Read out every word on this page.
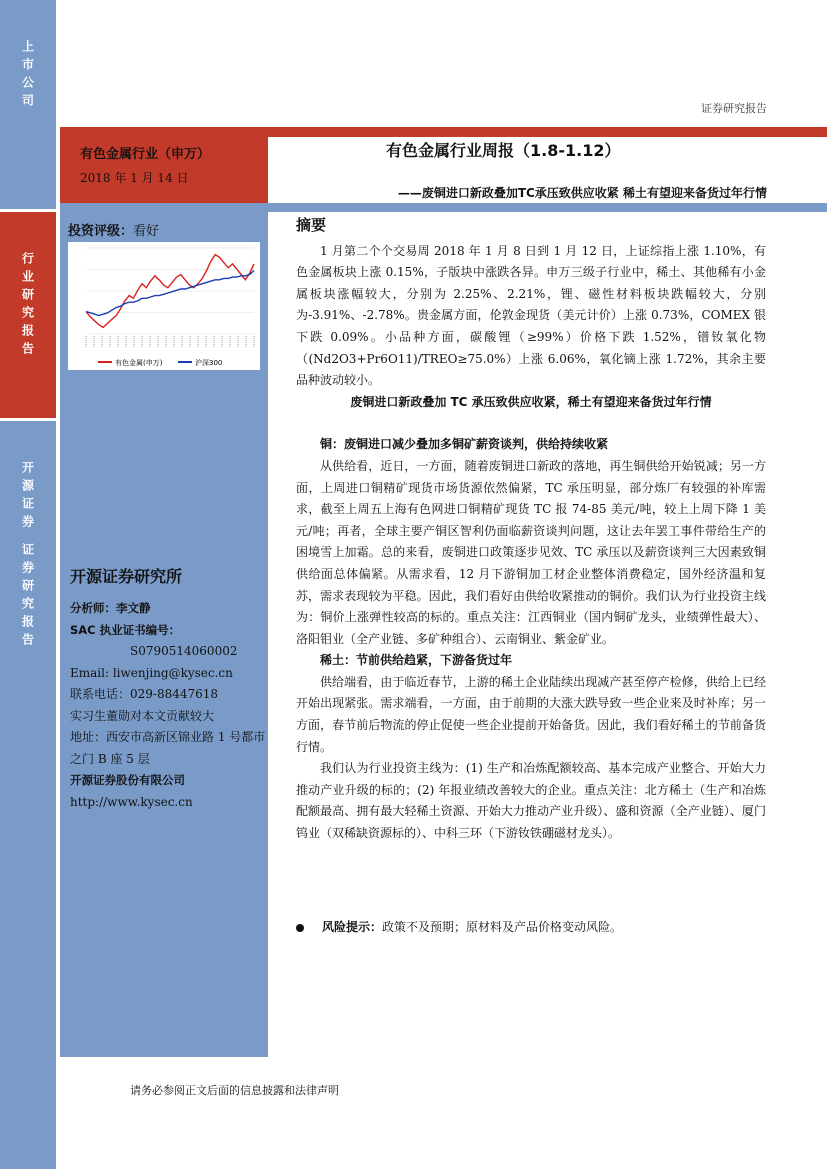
上市公司
行业研究报告
开源证券 证券研究报告
证券研究报告
有色金属行业（申万）
2018 年 1 月 14 日
有色金属行业周报（1.8-1.12）
——废铜进口新政叠加TC承压致供应收紧 稀土有望迎来备货过年行情
投资评级：看好
有色金属(申万)	沪深300
开源证券研究所
分析师：李文静
SAC 执业证书编号：
S0790514060002
Email: liwenjing@kysec.cn
联系电话：029-88447618
实习生董勋对本文贡献较大
地址：西安市高新区锦业路 1 号都市之门 B 座 5 层
开源证券股份有限公司
http://www.kysec.cn
摘要
1 月第二个个交易周 2018 年 1 月 8 日到 1 月 12 日，上证综指上涨 1.10%，有色金属板块上涨 0.15%，子版块中涨跌各异。申万三级子行业中，稀土、其他稀有小金属板块涨幅较大，分别为 2.25%、2.21%，锂、磁性材料板块跌幅较大，分别为-3.91%、-2.78%。贵金属方面，伦敦金现货（美元计价）上涨 0.73%，COMEX 银下跌 0.09%。小品种方面，碳酸锂（≥99%）价格下跌 1.52%，镨钕氧化物（(Nd2O3+Pr6O11)/TREO≥75.0%）上涨 6.06%，氧化镝上涨 1.72%，其余主要品种波动较小。
废铜进口新政叠加 TC 承压致供应收紧，稀土有望迎来备货过年行情
铜：废铜进口减少叠加多铜矿薪资谈判，供给持续收紧
从供给看，近日，一方面，随着废铜进口新政的落地，再生铜供给开始锐减；另一方面，上周进口铜精矿现货市场货源依然偏紧，TC 承压明显，部分炼厂有较强的补库需求，截至上周五上海有色网进口铜精矿现货 TC 报 74-85 美元/吨，较上上周下降 1 美元/吨；再者，全球主要产铜区智利仍面临薪资谈判问题，这让去年罢工事件带给生产的困境雪上加霜。总的来看，废铜进口政策逐步见效、TC 承压以及薪资谈判三大因素致铜供给面总体偏紧。从需求看，12 月下游铜加工材企业整体消费稳定，国外经济温和复苏，需求表现较为平稳。因此，我们看好由供给收紧推动的铜价。我们认为行业投资主线为：铜价上涨弹性较高的标的。重点关注：江西铜业（国内铜矿龙头，业绩弹性最大）、洛阳钼业（全产业链、多矿种组合）、云南铜业、紫金矿业。
稀土：节前供给趋紧，下游备货过年
供给端看，由于临近春节，上游的稀土企业陆续出现减产甚至停产检修，供给上已经开始出现紧张。需求端看，一方面，由于前期的大涨大跌导致一些企业来及时补库；另一方面，春节前后物流的停止促使一些企业提前开始备货。因此，我们看好稀土的节前备货行情。
我们认为行业投资主线为：(1) 生产和冶炼配额较高、基本完成产业整合、开始大力推动产业升级的标的；(2) 年报业绩改善较大的企业。重点关注：北方稀土（生产和冶炼配额最高、拥有最大轻稀土资源、开始大力推动产业升级）、盛和资源（全产业链）、厦门钨业（双稀缺资源标的）、中科三环（下游钕铁硼磁材龙头）。
风险提示：政策不及预期；原材料及产品价格变动风险。
请务必参阅正文后面的信息披露和法律声明
